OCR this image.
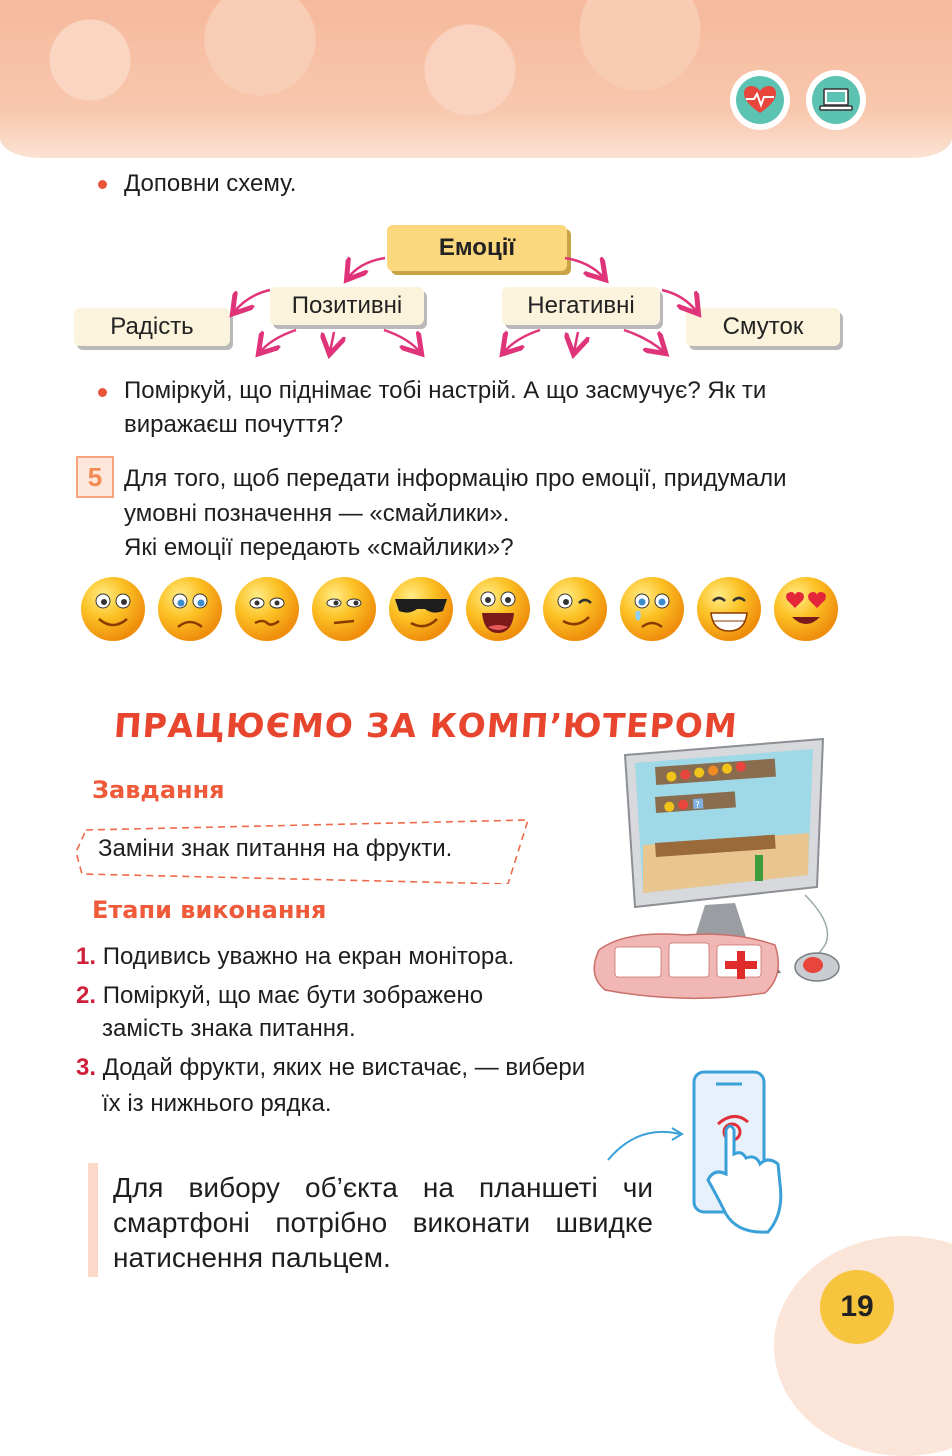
Доповни схему.
Емоції
Позитивні	Негативні
Радість	Смуток
Поміркуй, що піднімає тобі настрій. А що засмучує? Як ти
виражаєш почуття?
5 Для того, щоб передати інформацію про емоції, придумали
умовні позначення — «смайлики».
Які емоції передають «смайлики»?
ПРАЦЮЄМО ЗА КОМП’ЮТЕРОМ
Завдання
Заміни знак питання на фрукти.
Етапи виконання
1. Подивись уважно на екран монітора.
2. Поміркуй, що має бути зображено
замість знака питання.
3. Додай фрукти, яких не вистачає, — вибери
їх із нижнього рядка.
?
Для вибору об’єкта на планшеті чи смартфоні потрібно виконати швидке натиснення пальцем.
19
